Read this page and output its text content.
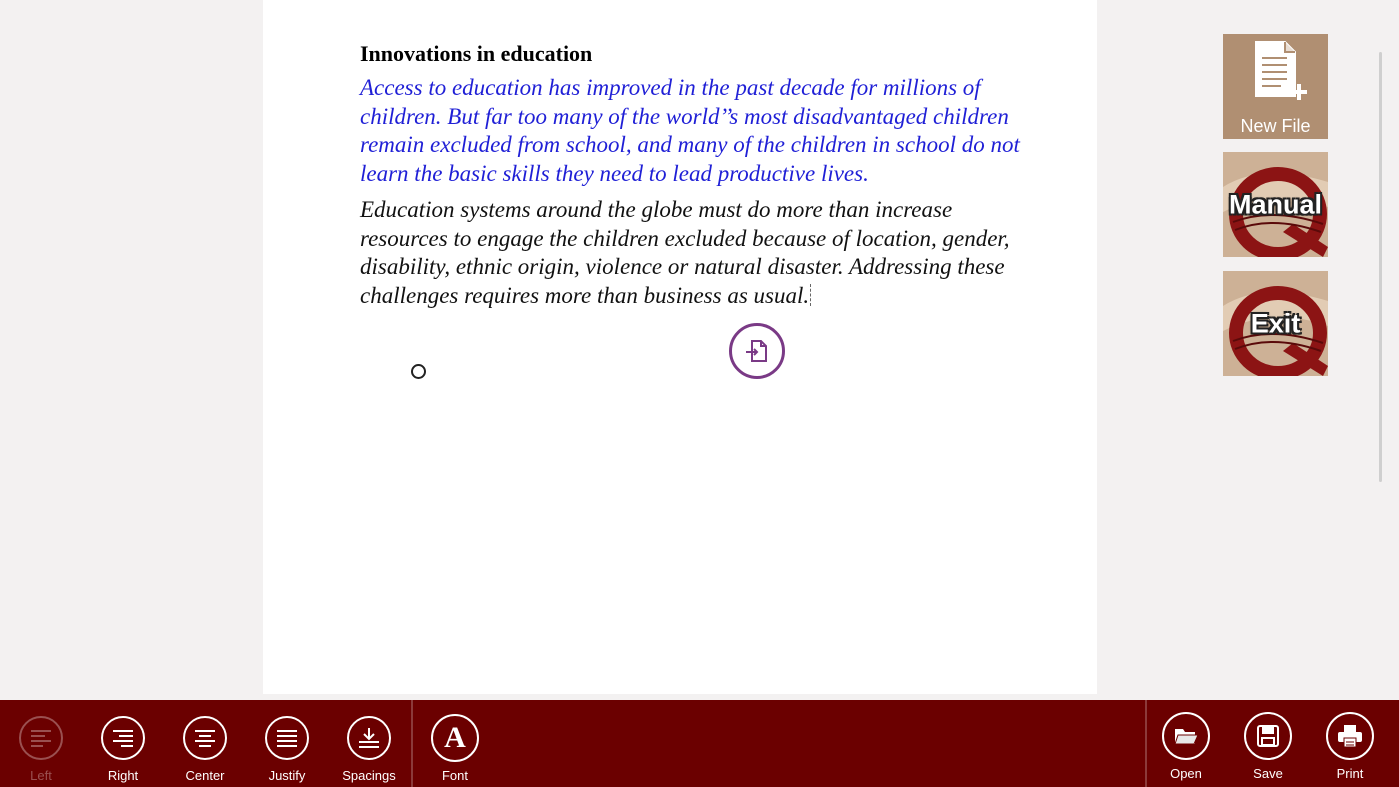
Innovations in education

Access to education has improved in the past decade for millions of children. But far too many of the world’’s most disadvantaged children remain excluded from school, and many of the children in school do not learn the basic skills they need to lead productive lives.

Education systems around the globe must do more than increase resources to engage the children excluded because of location, gender, disability, ethnic origin, violence or natural disaster. Addressing these challenges requires more than business as usual.

New File
Manual
Exit
Left	Right	Center	Justify	Spacings
A
Font	Open	Save	Print
